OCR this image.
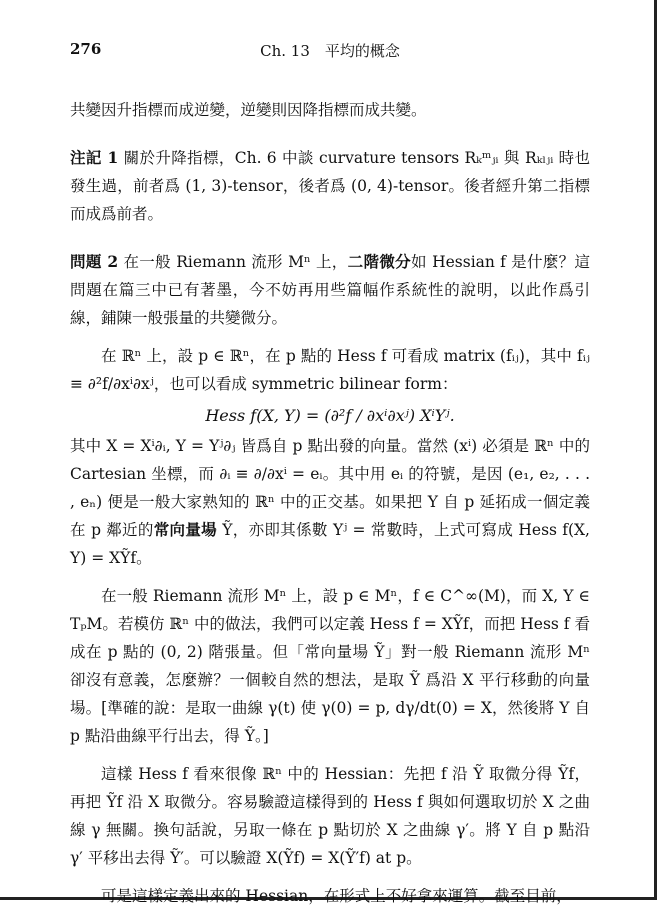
276	Ch. 13　平均的概念

共變因升指標而成逆變，逆變則因降指標而成共變。

注記 1 關於升降指標，Ch. 6 中談 curvature tensors Rₖᵐⱼᵢ 與 Rₖₗⱼᵢ 時也發生過，前者爲 (1, 3)-tensor，後者爲 (0, 4)-tensor。後者經升第二指標而成爲前者。

問題 2 在一般 Riemann 流形 Mⁿ 上，二階微分如 Hessian f 是什麼？這問題在篇三中已有著墨，今不妨再用些篇幅作系統性的說明，以此作爲引線，鋪陳一般張量的共變微分。

在 ℝⁿ 上，設 p ∈ ℝⁿ，在 p 點的 Hess f 可看成 matrix (fᵢⱼ)，其中 fᵢⱼ ≡ ∂²f/∂xⁱ∂xʲ，也可以看成 symmetric bilinear form：

Hess f(X, Y) = (∂²f / ∂xⁱ∂xʲ) XⁱYʲ.

其中 X = Xⁱ∂ᵢ, Y = Yʲ∂ⱼ 皆爲自 p 點出發的向量。當然 (xⁱ) 必須是 ℝⁿ 中的 Cartesian 坐標，而 ∂ᵢ ≡ ∂/∂xⁱ = eᵢ。其中用 eᵢ 的符號，是因 (e₁, e₂, . . . , eₙ) 便是一般大家熟知的 ℝⁿ 中的正交基。如果把 Y 自 p 延拓成一個定義在 p 鄰近的常向量場 Ỹ，亦即其係數 Yʲ = 常數時，上式可寫成 Hess f(X, Y) = XỸf。

在一般 Riemann 流形 Mⁿ 上，設 p ∈ Mⁿ，f ∈ C^∞(M)，而 X, Y ∈ TₚM。若模仿 ℝⁿ 中的做法，我們可以定義 Hess f = XỸf，而把 Hess f 看成在 p 點的 (0, 2) 階張量。但「常向量場 Ỹ」對一般 Riemann 流形 Mⁿ 卻沒有意義，怎麼辦？一個較自然的想法，是取 Ỹ 爲沿 X 平行移動的向量場。[準確的說：是取一曲線 γ(t) 使 γ(0) = p, dγ/dt(0) = X，然後將 Y 自 p 點沿曲線平行出去，得 Ỹ。]

這樣 Hess f 看來很像 ℝⁿ 中的 Hessian：先把 f 沿 Ỹ 取微分得 Ỹf，再把 Ỹf 沿 X 取微分。容易驗證這樣得到的 Hess f 與如何選取切於 X 之曲線 γ 無關。換句話說，另取一條在 p 點切於 X 之曲線 γ′。將 Y 自 p 點沿 γ′ 平移出去得 Ỹ′。可以驗證 X(Ỹf) = X(Ỹ′f) at p。

可是這樣定義出來的 Hessian，在形式上不好拿來運算。截至目前，
